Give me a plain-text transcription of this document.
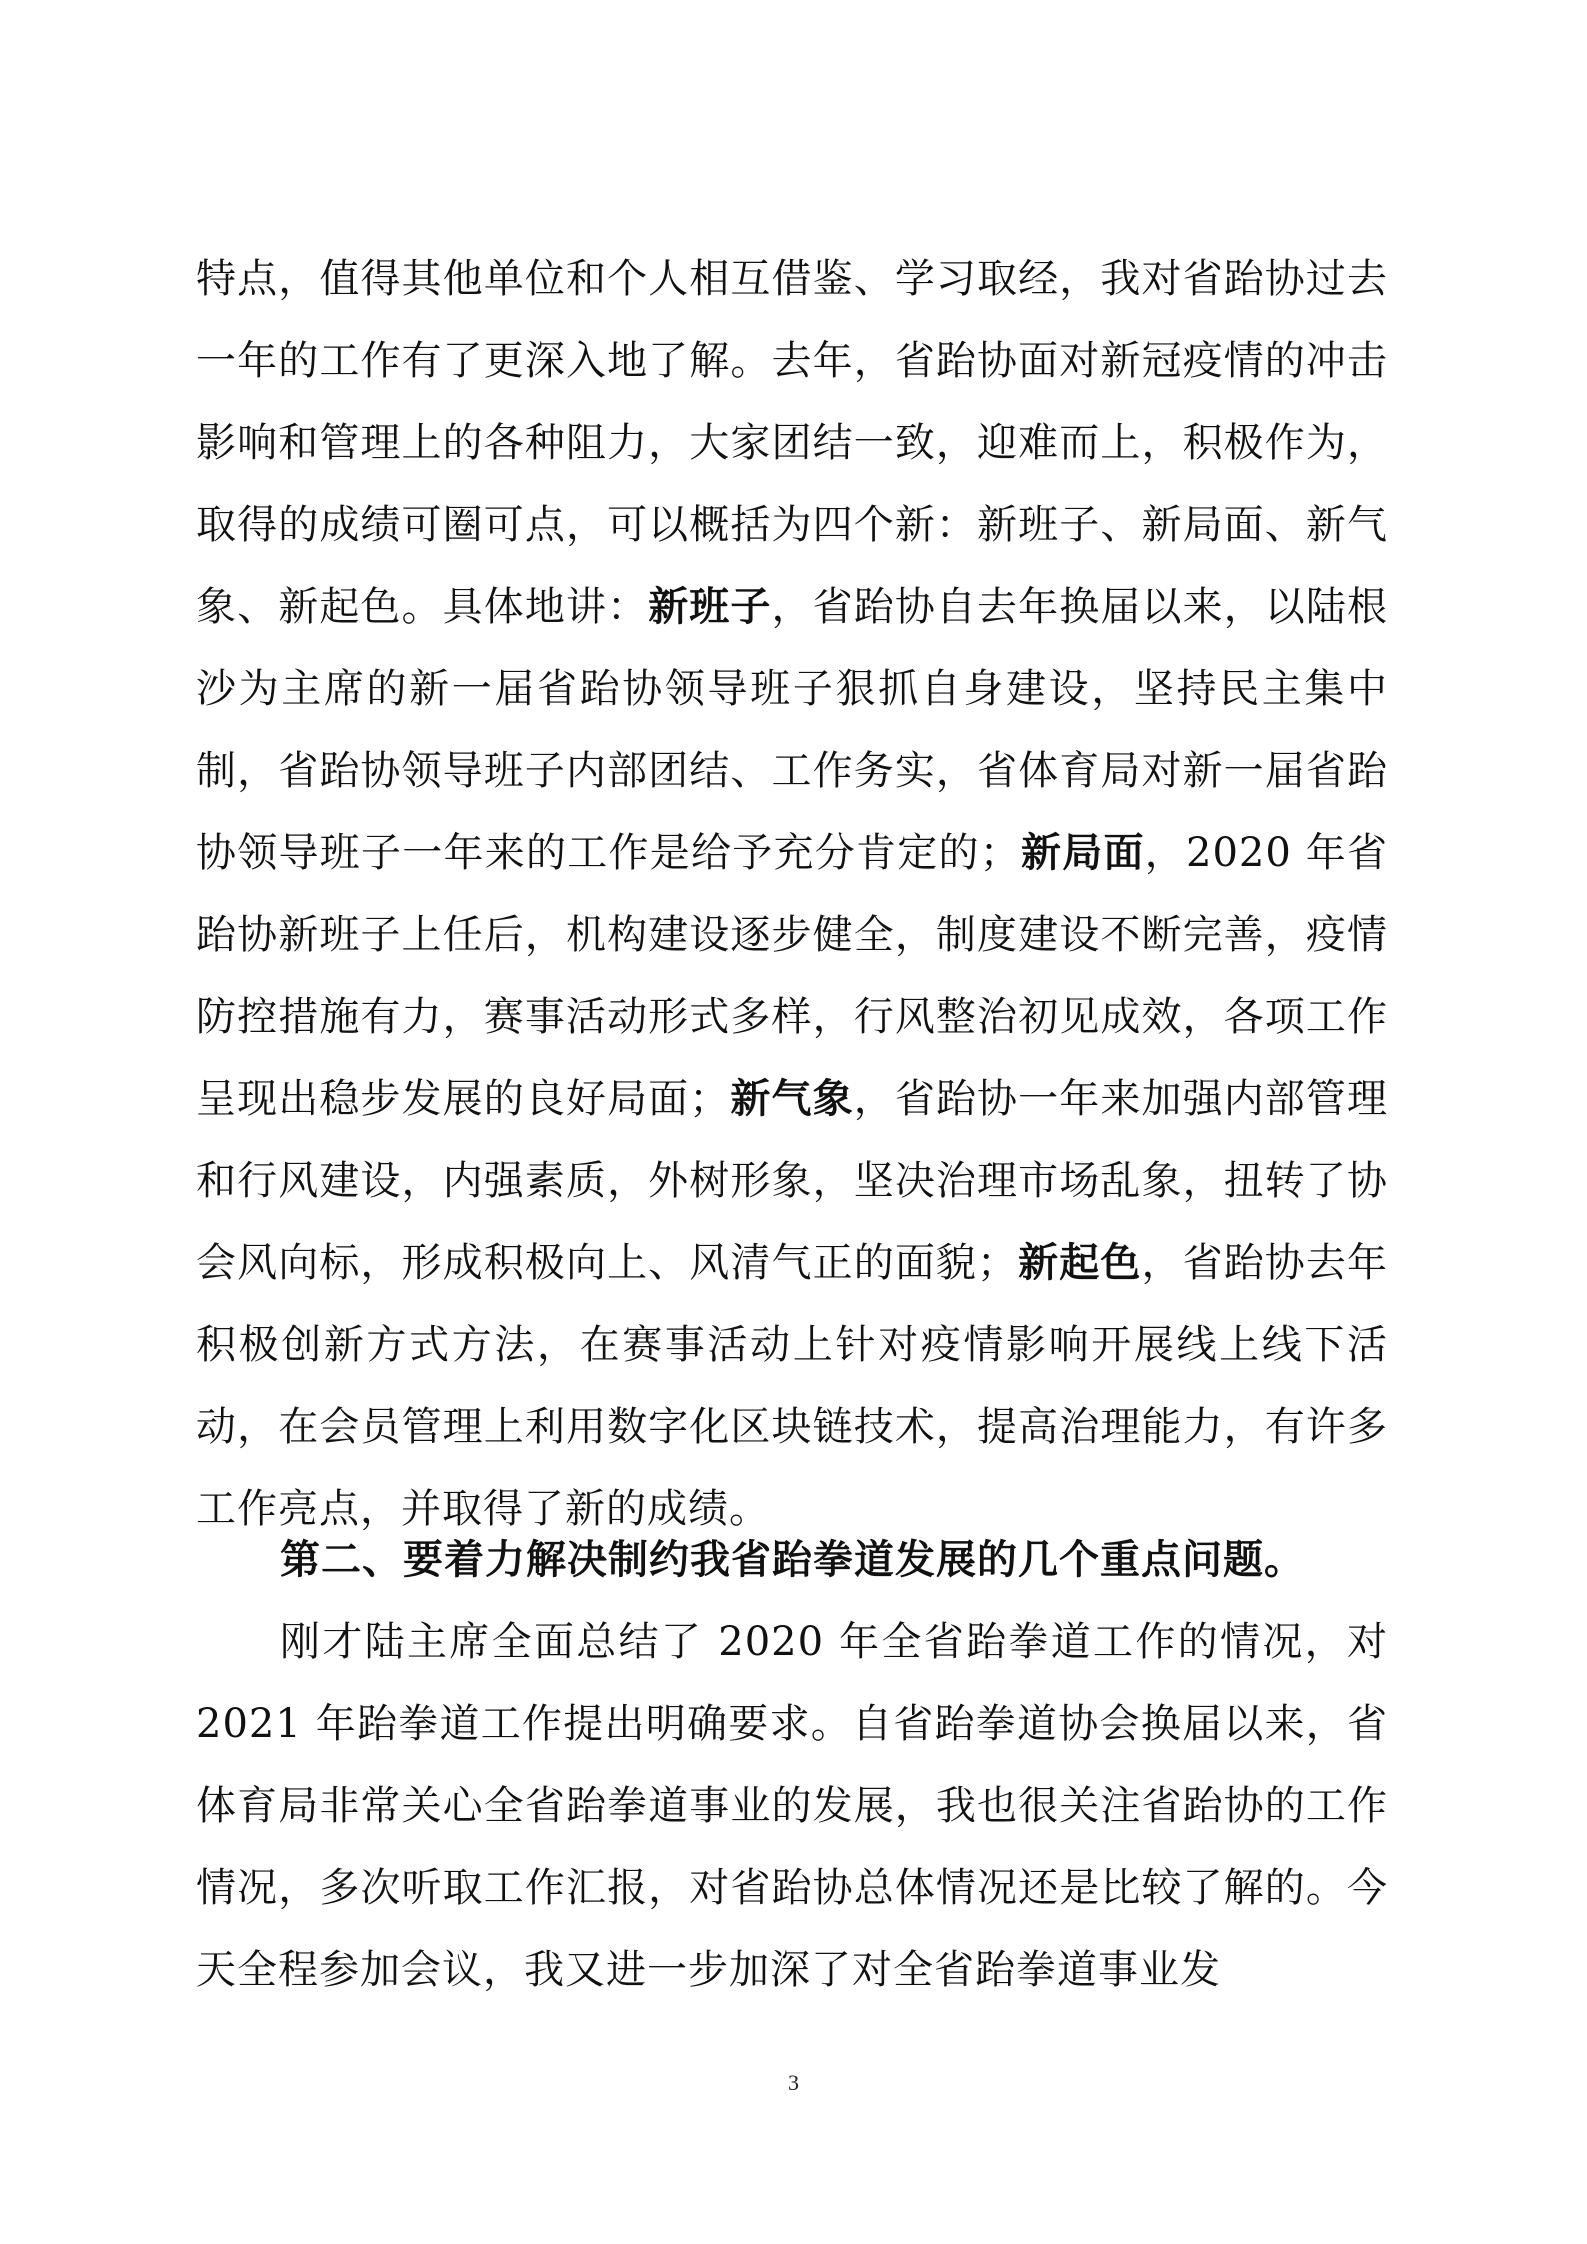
特点，值得其他单位和个人相互借鉴、学习取经，我对省跆协过去一年的工作有了更深入地了解。去年，省跆协面对新冠疫情的冲击影响和管理上的各种阻力，大家团结一致，迎难而上，积极作为，取得的成绩可圈可点，可以概括为四个新：新班子、新局面、新气象、新起色。具体地讲：新班子，省跆协自去年换届以来，以陆根沙为主席的新一届省跆协领导班子狠抓自身建设，坚持民主集中制，省跆协领导班子内部团结、工作务实，省体育局对新一届省跆协领导班子一年来的工作是给予充分肯定的；新局面，2020 年省跆协新班子上任后，机构建设逐步健全，制度建设不断完善，疫情防控措施有力，赛事活动形式多样，行风整治初见成效，各项工作呈现出稳步发展的良好局面；新气象，省跆协一年来加强内部管理和行风建设，内强素质，外树形象，坚决治理市场乱象，扭转了协会风向标，形成积极向上、风清气正的面貌；新起色，省跆协去年积极创新方式方法，在赛事活动上针对疫情影响开展线上线下活动，在会员管理上利用数字化区块链技术，提高治理能力，有许多工作亮点，并取得了新的成绩。

第二、要着力解决制约我省跆拳道发展的几个重点问题。

刚才陆主席全面总结了 2020 年全省跆拳道工作的情况，对 2021 年跆拳道工作提出明确要求。自省跆拳道协会换届以来，省体育局非常关心全省跆拳道事业的发展，我也很关注省跆协的工作情况，多次听取工作汇报，对省跆协总体情况还是比较了解的。今天全程参加会议，我又进一步加深了对全省跆拳道事业发

3
